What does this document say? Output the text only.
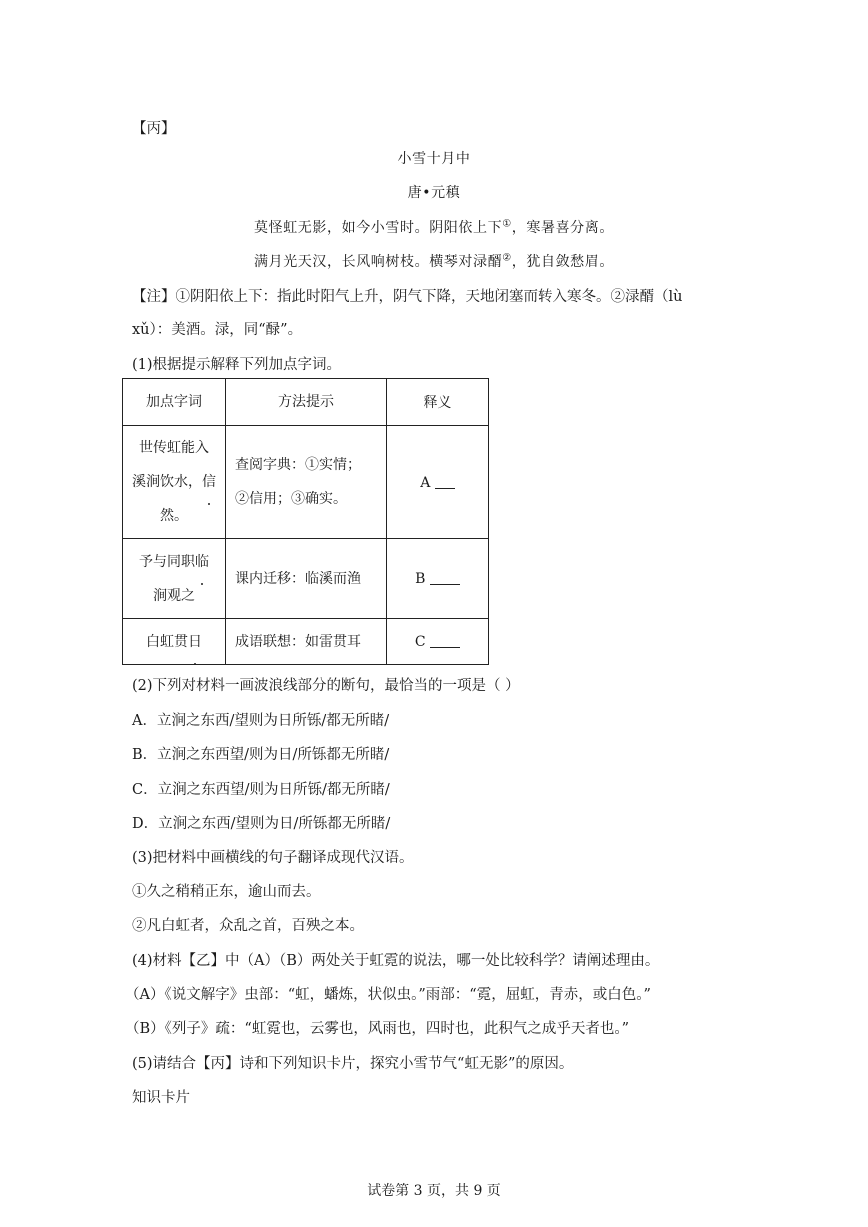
【丙】
小雪十月中
唐•元稹
莫怪虹无影，如今小雪时。阴阳依上下①，寒暑喜分离。
满月光天汉，长风响树枝。横琴对渌醑②，犹自敛愁眉。
【注】①阴阳依上下：指此时阳气上升，阴气下降，天地闭塞而转入寒冬。②渌醑（lù
xǔ）：美酒。渌，同“醁”。
(1)根据提示解释下列加点字词。
加点字词	方法提示	释义
世传虹能入
溪涧饮水，信
然。	查阅字典：①实情；
②信用；③确实。	A
予与同职临
涧观之	课内迁移：临溪而渔	B
白虹贯日	成语联想：如雷贯耳	C
(2)下列对材料一画波浪线部分的断句，最恰当的一项是（ ）
A．立涧之东西/望则为日所铄/都无所睹/
B．立涧之东西望/则为日/所铄都无所睹/
C．立涧之东西望/则为日所铄/都无所睹/
D．立涧之东西/望则为日/所铄都无所睹/
(3)把材料中画横线的句子翻译成现代汉语。
①久之稍稍正东，逾山而去。
②凡白虹者，众乱之首，百殃之本。
(4)材料【乙】中（A）（B）两处关于虹霓的说法，哪一处比较科学？请阐述理由。
（A）《说文解字》虫部：“虹，蟠炼，状似虫。”雨部：“霓，屈虹，青赤，或白色。”
（B）《列子》疏：“虹霓也，云雾也，风雨也，四时也，此积气之成乎天者也。”
(5)请结合【丙】诗和下列知识卡片，探究小雪节气“虹无影”的原因。
知识卡片
试卷第 3 页，共 9 页
